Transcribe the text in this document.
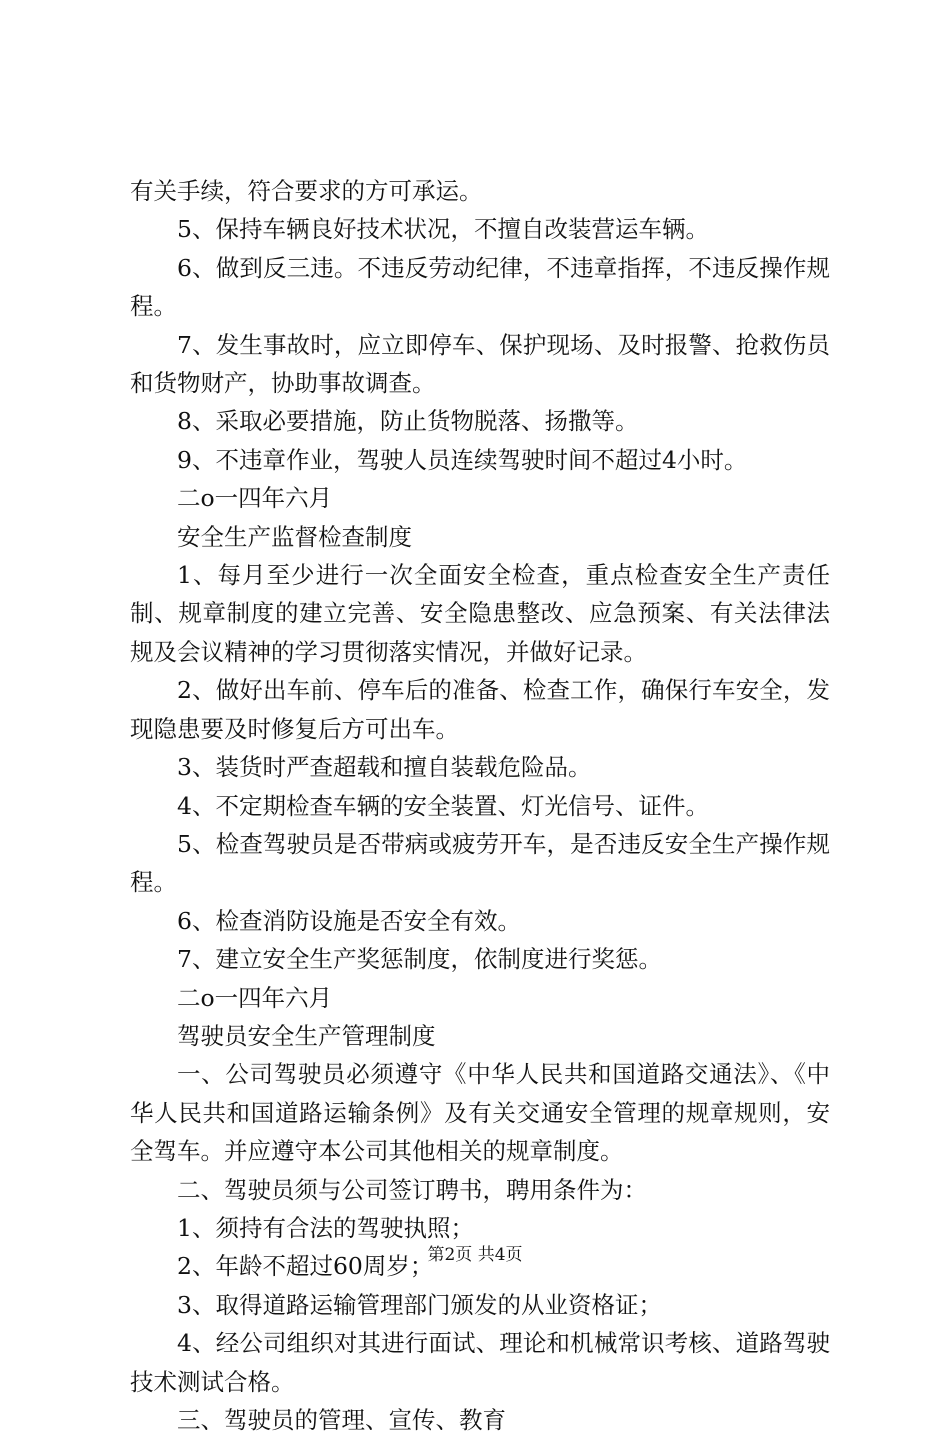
有关手续，符合要求的方可承运。

5、保持车辆良好技术状况，不擅自改装营运车辆。

6、做到反三违。不违反劳动纪律，不违章指挥，不违反操作规程。

7、发生事故时，应立即停车、保护现场、及时报警、抢救伤员和货物财产，协助事故调查。

8、采取必要措施，防止货物脱落、扬撒等。

9、不违章作业，驾驶人员连续驾驶时间不超过4小时。

二o一四年六月

安全生产监督检查制度

1、每月至少进行一次全面安全检查，重点检查安全生产责任制、规章制度的建立完善、安全隐患整改、应急预案、有关法律法规及会议精神的学习贯彻落实情况，并做好记录。

2、做好出车前、停车后的准备、检查工作，确保行车安全，发现隐患要及时修复后方可出车。

3、装货时严查超载和擅自装载危险品。

4、不定期检查车辆的安全装置、灯光信号、证件。

5、检查驾驶员是否带病或疲劳开车，是否违反安全生产操作规程。

6、检查消防设施是否安全有效。

7、建立安全生产奖惩制度，依制度进行奖惩。

二o一四年六月

驾驶员安全生产管理制度

一、公司驾驶员必须遵守《中华人民共和国道路交通法》、《中华人民共和国道路运输条例》及有关交通安全管理的规章规则，安全驾车。并应遵守本公司其他相关的规章制度。

二、驾驶员须与公司签订聘书，聘用条件为：

1、须持有合法的驾驶执照；

2、年龄不超过60周岁；

3、取得道路运输管理部门颁发的从业资格证；

4、经公司组织对其进行面试、理论和机械常识考核、道路驾驶技术测试合格。

三、驾驶员的管理、宣传、教育

第2页 共4页
